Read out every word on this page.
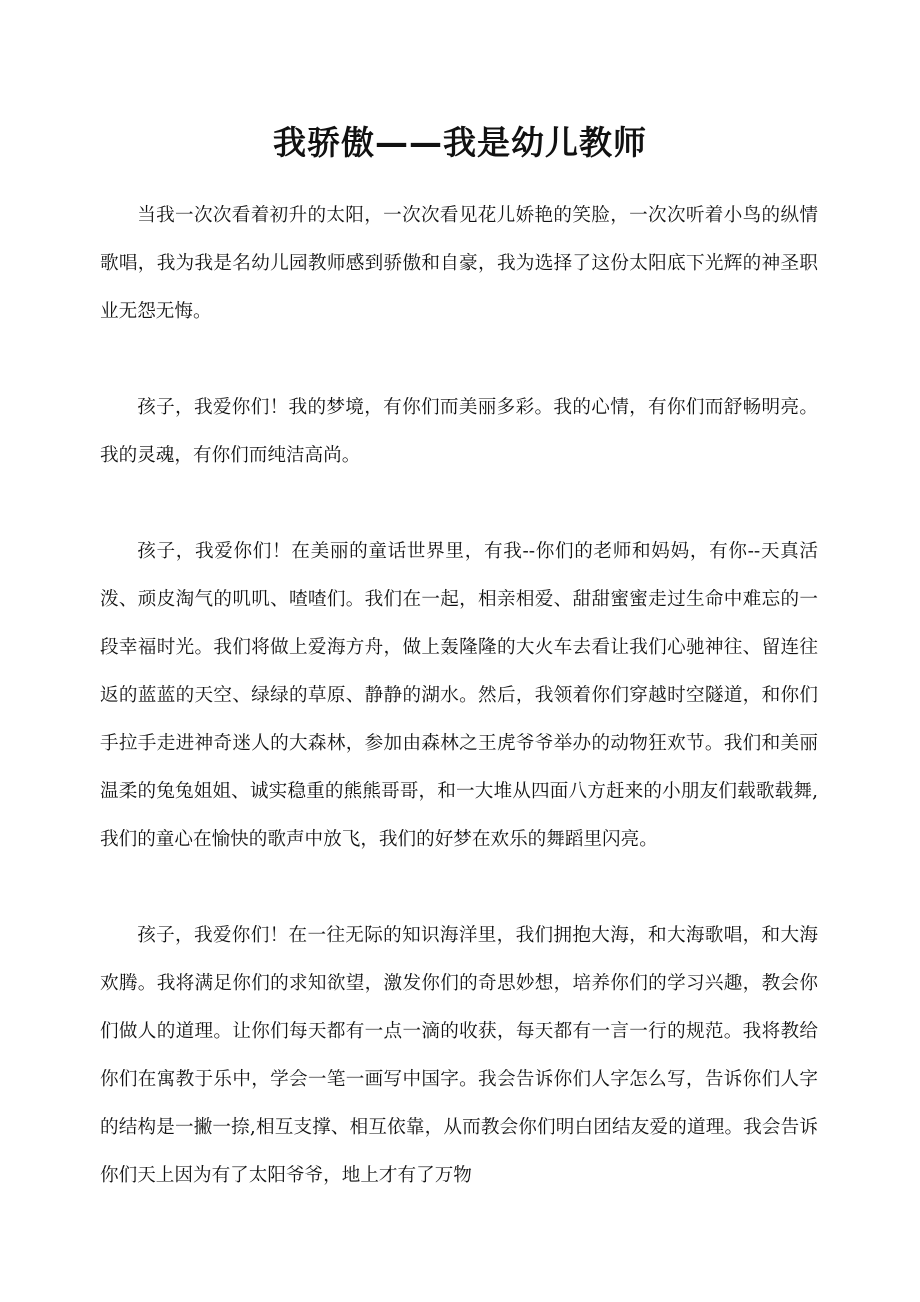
我骄傲——我是幼儿教师

当我一次次看着初升的太阳，一次次看见花儿娇艳的笑脸，一次次听着小鸟的纵情歌唱，我为我是名幼儿园教师感到骄傲和自豪，我为选择了这份太阳底下光辉的神圣职业无怨无悔。

孩子，我爱你们！我的梦境，有你们而美丽多彩。我的心情，有你们而舒畅明亮。我的灵魂，有你们而纯洁高尚。

孩子，我爱你们！在美丽的童话世界里，有我--你们的老师和妈妈，有你--天真活泼、顽皮淘气的叽叽、喳喳们。我们在一起，相亲相爱、甜甜蜜蜜走过生命中难忘的一段幸福时光。我们将做上爱海方舟，做上轰隆隆的大火车去看让我们心驰神往、留连往返的蓝蓝的天空、绿绿的草原、静静的湖水。然后，我领着你们穿越时空隧道，和你们手拉手走进神奇迷人的大森林，参加由森林之王虎爷爷举办的动物狂欢节。我们和美丽温柔的兔兔姐姐、诚实稳重的熊熊哥哥，和一大堆从四面八方赶来的小朋友们载歌载舞,我们的童心在愉快的歌声中放飞，我们的好梦在欢乐的舞蹈里闪亮。

孩子，我爱你们！在一往无际的知识海洋里，我们拥抱大海，和大海歌唱，和大海欢腾。我将满足你们的求知欲望，激发你们的奇思妙想，培养你们的学习兴趣，教会你们做人的道理。让你们每天都有一点一滴的收获，每天都有一言一行的规范。我将教给你们在寓教于乐中，学会一笔一画写中国字。我会告诉你们人字怎么写，告诉你们人字的结构是一撇一捺,相互支撑、相互依靠，从而教会你们明白团结友爱的道理。我会告诉你们天上因为有了太阳爷爷，地上才有了万物
